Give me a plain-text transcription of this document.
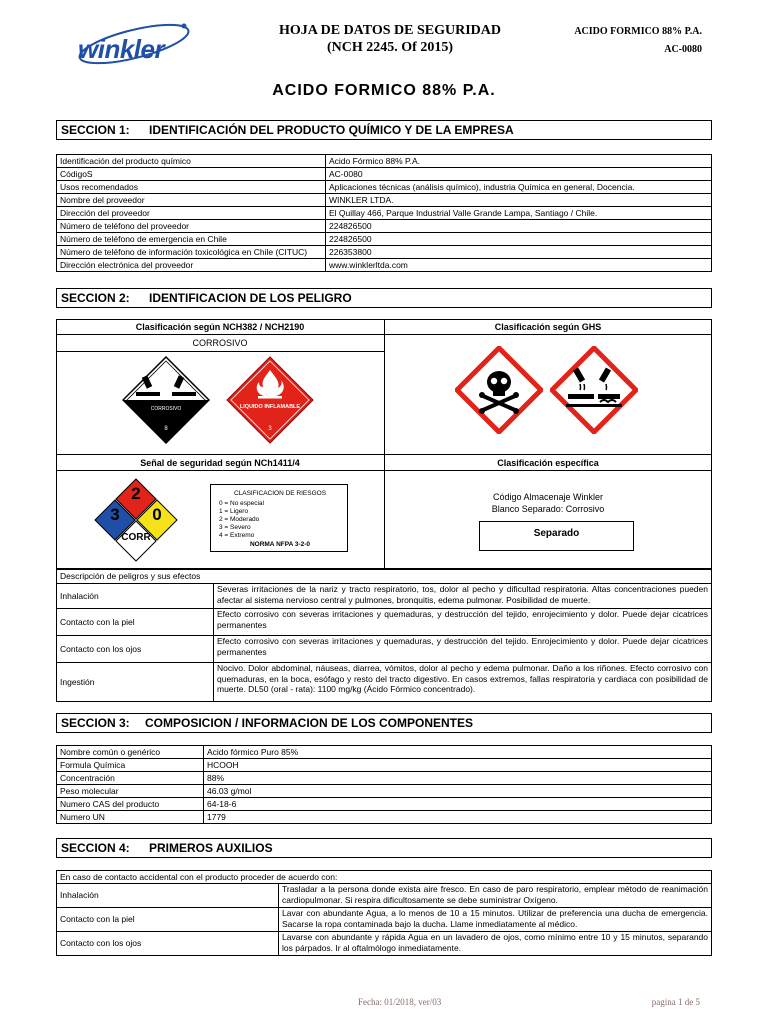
winkler
HOJA DE DATOS DE SEGURIDAD
(NCH 2245. Of 2015)
ACIDO FORMICO 88% P.A.
AC-0080
ACIDO FORMICO 88% P.A.
SECCION 1: IDENTIFICACIÓN DEL PRODUCTO QUÍMICO Y DE LA EMPRESA
Identificación del producto químico	Acido Fórmico 88% P.A.
CódigoS	AC-0080
Usos recomendados	Aplicaciones técnicas (análisis químico), industria Química en general, Docencia.
Nombre del proveedor	WINKLER LTDA.
Dirección del proveedor	El Quillay 466, Parque Industrial Valle Grande Lampa, Santiago / Chile.
Número de teléfono del proveedor	224826500
Número de teléfono de emergencia en Chile	224826500
Número de teléfono de información toxicológica en Chile (CITUC)	226353800
Dirección electrónica del proveedor	www.winklerltda.com
SECCION 2: IDENTIFICACION DE LOS PELIGRO
Clasificación según NCH382 / NCH2190
CORROSIVO
Clasificación según GHS
CORROSIVO
8
LIQUIDO INFLAMABLE
3
Señal de seguridad según NCh1411/4	Clasificación específica
2
3	0
CORR
CLASIFICACION DE RIESGOS
0 = No especial
1 = Ligero
2 = Moderado
3 = Severo
4 = Extremo
NORMA NFPA 3-2-0
Código Almacenaje Winkler
Blanco Separado: Corrosivo
Separado
Descripción de peligros y sus efectos	
Inhalación	Severas irritaciones de la nariz y tracto respiratorio, tos, dolor al pecho y dificultad respiratoria. Altas concentraciones pueden afectar al sistema nervioso central y pulmones, bronquitis, edema pulmonar. Posibilidad de muerte.
Contacto con la piel	Efecto corrosivo con severas irritaciones y quemaduras, y destrucción del tejido, enrojecimiento y dolor. Puede dejar cicatrices permanentes
Contacto con los ojos	Efecto corrosivo con severas irritaciones y quemaduras, y destrucción del tejido. Enrojecimiento y dolor. Puede dejar cicatrices permanentes
Ingestión	Nocivo. Dolor abdominal, náuseas, diarrea, vómitos, dolor al pecho y edema pulmonar. Daño a los riñones. Efecto corrosivo con quemaduras, en la boca, esófago y resto del tracto digestivo. En casos extremos, fallas respiratoria y cardiaca con posibilidad de muerte. DL50 (oral - rata): 1100 mg/kg (Ácido Fórmico concentrado).
SECCION 3: COMPOSICION / INFORMACION DE LOS COMPONENTES
Nombre común o genérico	Acido fórmico Puro 85%
Formula Química	HCOOH
Concentración	88%
Peso molecular	46.03 g/mol
Numero CAS del producto	64-18-6
Numero UN	1779
SECCION 4: PRIMEROS AUXILIOS
En caso de contacto accidental con el producto proceder de acuerdo con:	
Inhalación	Trasladar a la persona donde exista aire fresco. En caso de paro respiratorio, emplear método de reanimación cardiopulmonar. Si respira dificultosamente se debe suministrar Oxígeno.
Contacto con la piel	Lavar con abundante Agua, a lo menos de 10 a 15 minutos. Utilizar de preferencia una ducha de emergencia. Sacarse la ropa contaminada bajo la ducha. Llame inmediatamente al médico.
Contacto con los ojos	Lavarse con abundante y rápida Agua en un lavadero de ojos, como mínimo entre 10 y 15 minutos, separando los párpados. Ir al oftalmólogo inmediatamente.
Fecha: 01/2018, ver/03	pagina 1 de 5
